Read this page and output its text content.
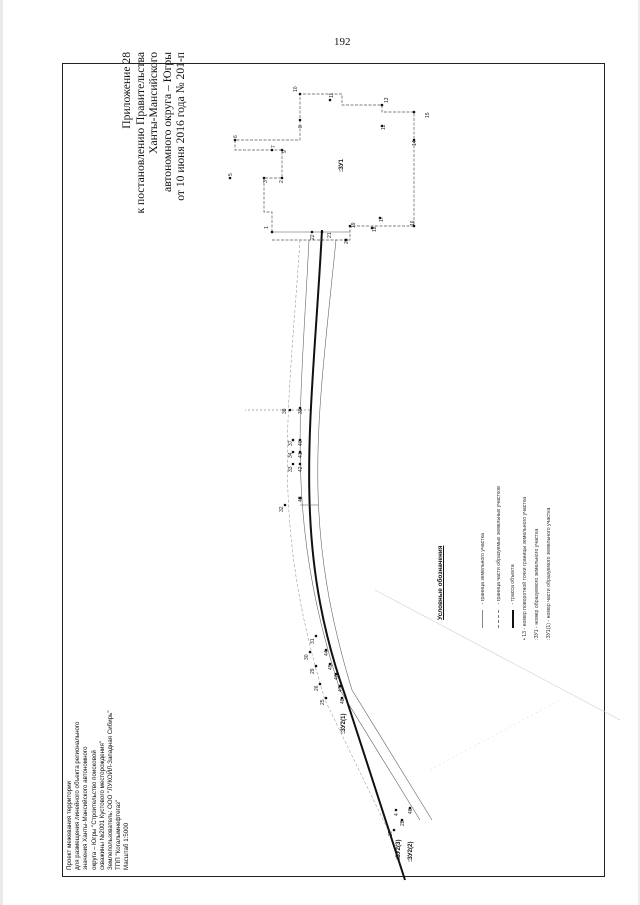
192
Приложение 28 к постановлению Правительства Ханты-Мансийского автономного округа – Югры от 10 июня 2016 года № 201-п
Проект межевания территории для размещения линейного объекта регионального значения Ханты-Мансийского автономного округа – Югры "Строительство поисковой скважины №2001 Кустового месторождения" Землепользователь: ООО "ЛУКОЙЛ-Западная Сибирь" ТПП "Когалымнефтегаз" Масштаб 1:5000
Условные обозначения	- граница земельного участка - граница части образуемых земельных участков - трасса объекта
• 13 - номер поворотной точки границы земельного участка
:ЗУ1 - номер образуемого земельного участка
:ЗУ1(1) - номер части образуемого земельного участка
1
2
3
6
7
9
5
10
11
13
15
16
17
18
19
20
21
22
38 39
37
34
33
40
41
42
32
43
31
30
29
26
25
44
45
46
47
48
27
28
48
4
8	12
14
:ЗУ1
:ЗУ2(1)
:ЗУ2(3) :ЗУ2(2)
